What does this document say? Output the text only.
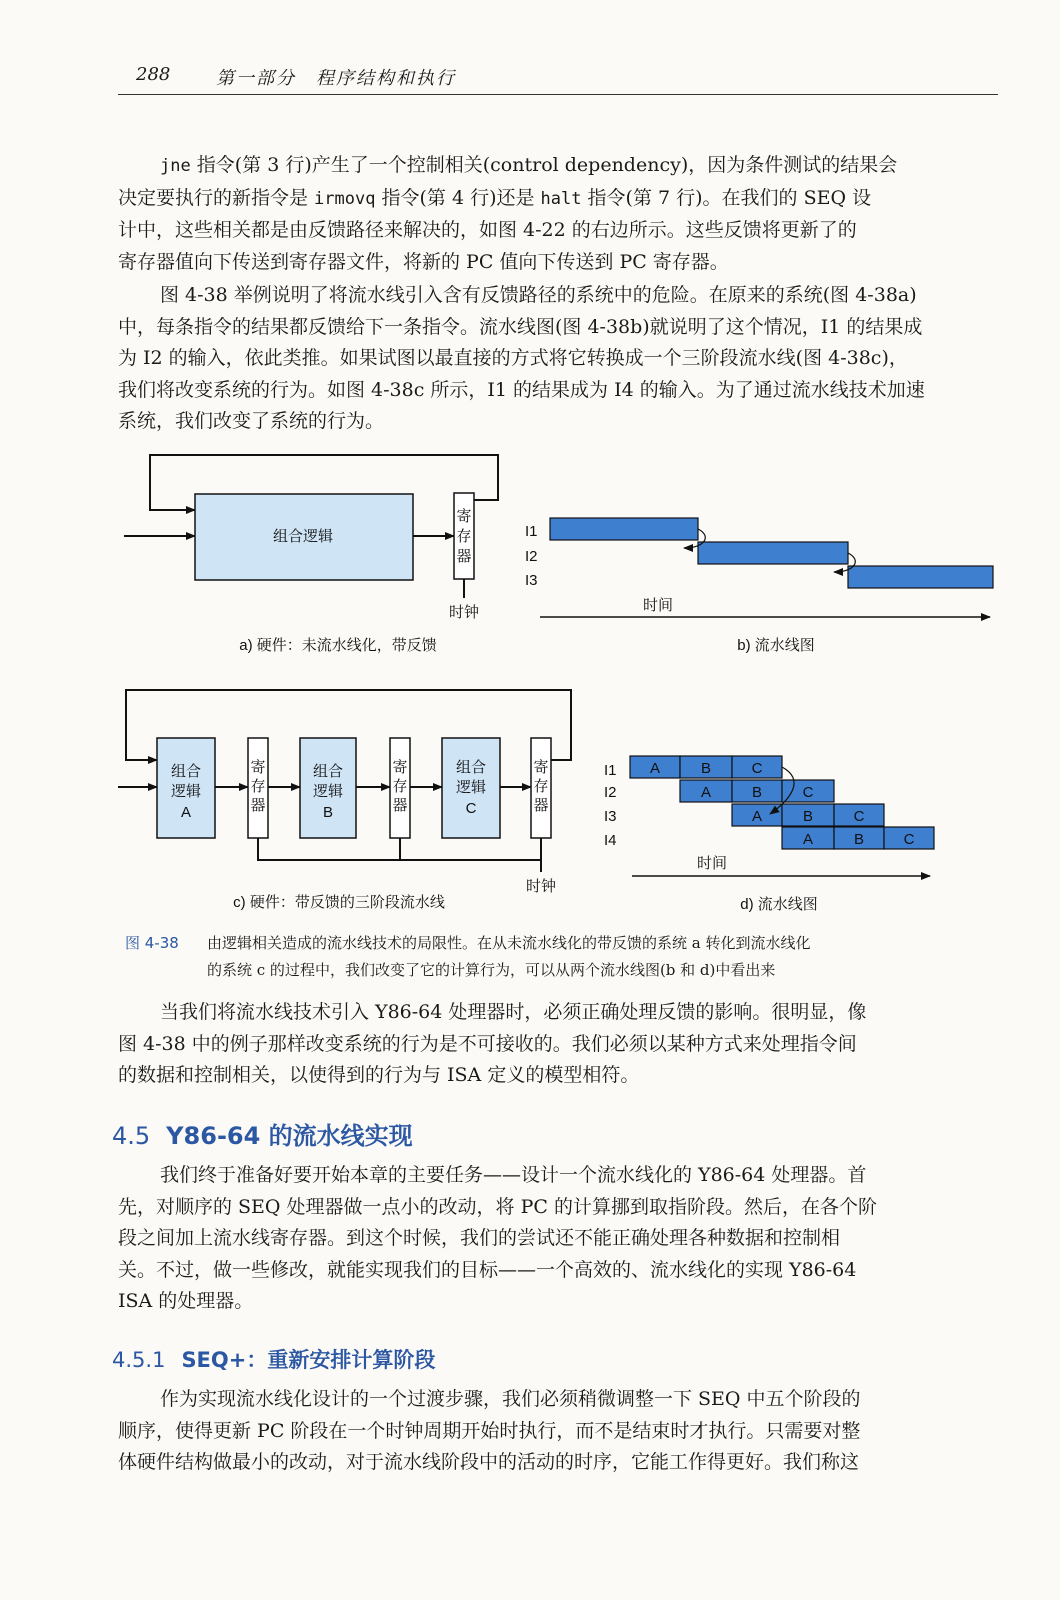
288	第一部分　程序结构和执行
jne 指令(第 3 行)产生了一个控制相关(control dependency)，因为条件测试的结果会
决定要执行的新指令是 irmovq 指令(第 4 行)还是 halt 指令(第 7 行)。在我们的 SEQ 设
计中，这些相关都是由反馈路径来解决的，如图 4-22 的右边所示。这些反馈将更新了的
寄存器值向下传送到寄存器文件，将新的 PC 值向下传送到 PC 寄存器。
图 4-38 举例说明了将流水线引入含有反馈路径的系统中的危险。在原来的系统(图 4-38a)
中，每条指令的结果都反馈给下一条指令。流水线图(图 4-38b)就说明了这个情况，I1 的结果成
为 I2 的输入，依此类推。如果试图以最直接的方式将它转换成一个三阶段流水线(图 4-38c)，
我们将改变系统的行为。如图 4-38c 所示，I1 的结果成为 I4 的输入。为了通过流水线技术加速
系统，我们改变了系统的行为。
组合逻辑
寄
存
器
时钟
a) 硬件：未流水线化，带反馈
I1
I2
I3
时间
b) 流水线图
组合
逻辑
A
寄
存
器
组合
逻辑
B
寄
存
器
组合
逻辑
C
寄
存
器
时钟
c) 硬件：带反馈的三阶段流水线
I1
I2
I3
I4
A	B	C
A	B	C
A	B	C
A	B	C
时间
d) 流水线图
图 4-38 由逻辑相关造成的流水线技术的局限性。在从未流水线化的带反馈的系统 a 转化到流水线化
的系统 c 的过程中，我们改变了它的计算行为，可以从两个流水线图(b 和 d)中看出来
当我们将流水线技术引入 Y86-64 处理器时，必须正确处理反馈的影响。很明显，像
图 4-38 中的例子那样改变系统的行为是不可接收的。我们必须以某种方式来处理指令间
的数据和控制相关，以使得到的行为与 ISA 定义的模型相符。
4.5 Y86-64 的流水线实现
我们终于准备好要开始本章的主要任务——设计一个流水线化的 Y86-64 处理器。首
先，对顺序的 SEQ 处理器做一点小的改动，将 PC 的计算挪到取指阶段。然后，在各个阶
段之间加上流水线寄存器。到这个时候，我们的尝试还不能正确处理各种数据和控制相
关。不过，做一些修改，就能实现我们的目标——一个高效的、流水线化的实现 Y86-64
ISA 的处理器。
4.5.1 SEQ+：重新安排计算阶段
作为实现流水线化设计的一个过渡步骤，我们必须稍微调整一下 SEQ 中五个阶段的
顺序，使得更新 PC 阶段在一个时钟周期开始时执行，而不是结束时才执行。只需要对整
体硬件结构做最小的改动，对于流水线阶段中的活动的时序，它能工作得更好。我们称这
